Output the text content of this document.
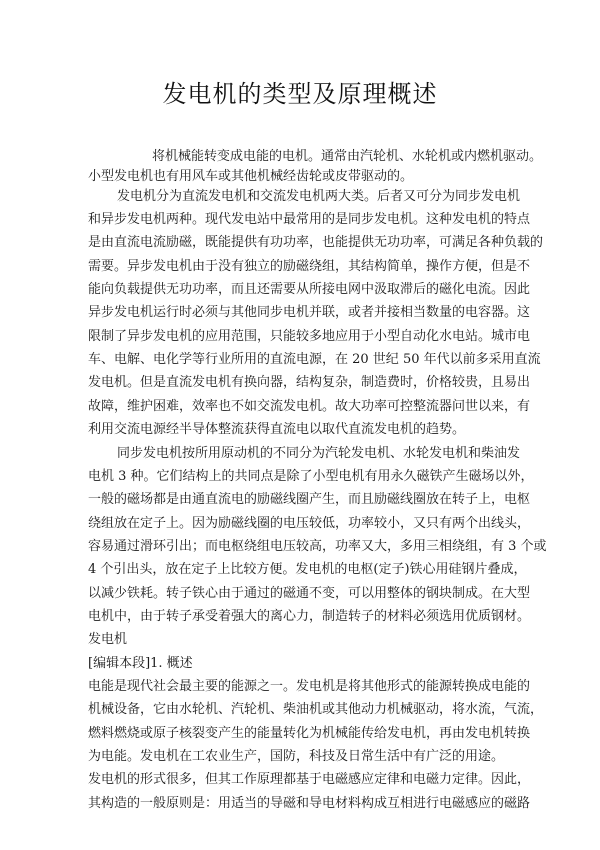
发电机的类型及原理概述
将机械能转变成电能的电机。通常由汽轮机、水轮机或内燃机驱动。
小型发电机也有用风车或其他机械经齿轮或皮带驱动的。
发电机分为直流发电机和交流发电机两大类。后者又可分为同步发电机
和异步发电机两种。现代发电站中最常用的是同步发电机。这种发电机的特点
是由直流电流励磁，既能提供有功功率，也能提供无功功率，可满足各种负载的
需要。异步发电机由于没有独立的励磁绕组，其结构简单，操作方便，但是不
能向负载提供无功功率，而且还需要从所接电网中汲取滞后的磁化电流。因此
异步发电机运行时必须与其他同步电机并联，或者并接相当数量的电容器。这
限制了异步发电机的应用范围，只能较多地应用于小型自动化水电站。城市电
车、电解、电化学等行业所用的直流电源，在 20 世纪 50 年代以前多采用直流
发电机。但是直流发电机有换向器，结构复杂，制造费时，价格较贵，且易出
故障，维护困难，效率也不如交流发电机。故大功率可控整流器问世以来，有
利用交流电源经半导体整流获得直流电以取代直流发电机的趋势。
同步发电机按所用原动机的不同分为汽轮发电机、水轮发电机和柴油发
电机 3 种。它们结构上的共同点是除了小型电机有用永久磁铁产生磁场以外，
一般的磁场都是由通直流电的励磁线圈产生，而且励磁线圈放在转子上，电枢
绕组放在定子上。因为励磁线圈的电压较低，功率较小，又只有两个出线头，
容易通过滑环引出；而电枢绕组电压较高，功率又大，多用三相绕组，有 3 个或
4 个引出头，放在定子上比较方便。发电机的电枢(定子)铁心用硅钢片叠成，
以减少铁耗。转子铁心由于通过的磁通不变，可以用整体的钢块制成。在大型
电机中，由于转子承受着强大的离心力，制造转子的材料必须选用优质钢材。
发电机
[编辑本段]1. 概述
电能是现代社会最主要的能源之一。发电机是将其他形式的能源转换成电能的
机械设备，它由水轮机、汽轮机、柴油机或其他动力机械驱动，将水流，气流，
燃料燃烧或原子核裂变产生的能量转化为机械能传给发电机，再由发电机转换
为电能。发电机在工农业生产，国防，科技及日常生活中有广泛的用途。
发电机的形式很多，但其工作原理都基于电磁感应定律和电磁力定律。因此，
其构造的一般原则是：用适当的导磁和导电材料构成互相进行电磁感应的磁路
